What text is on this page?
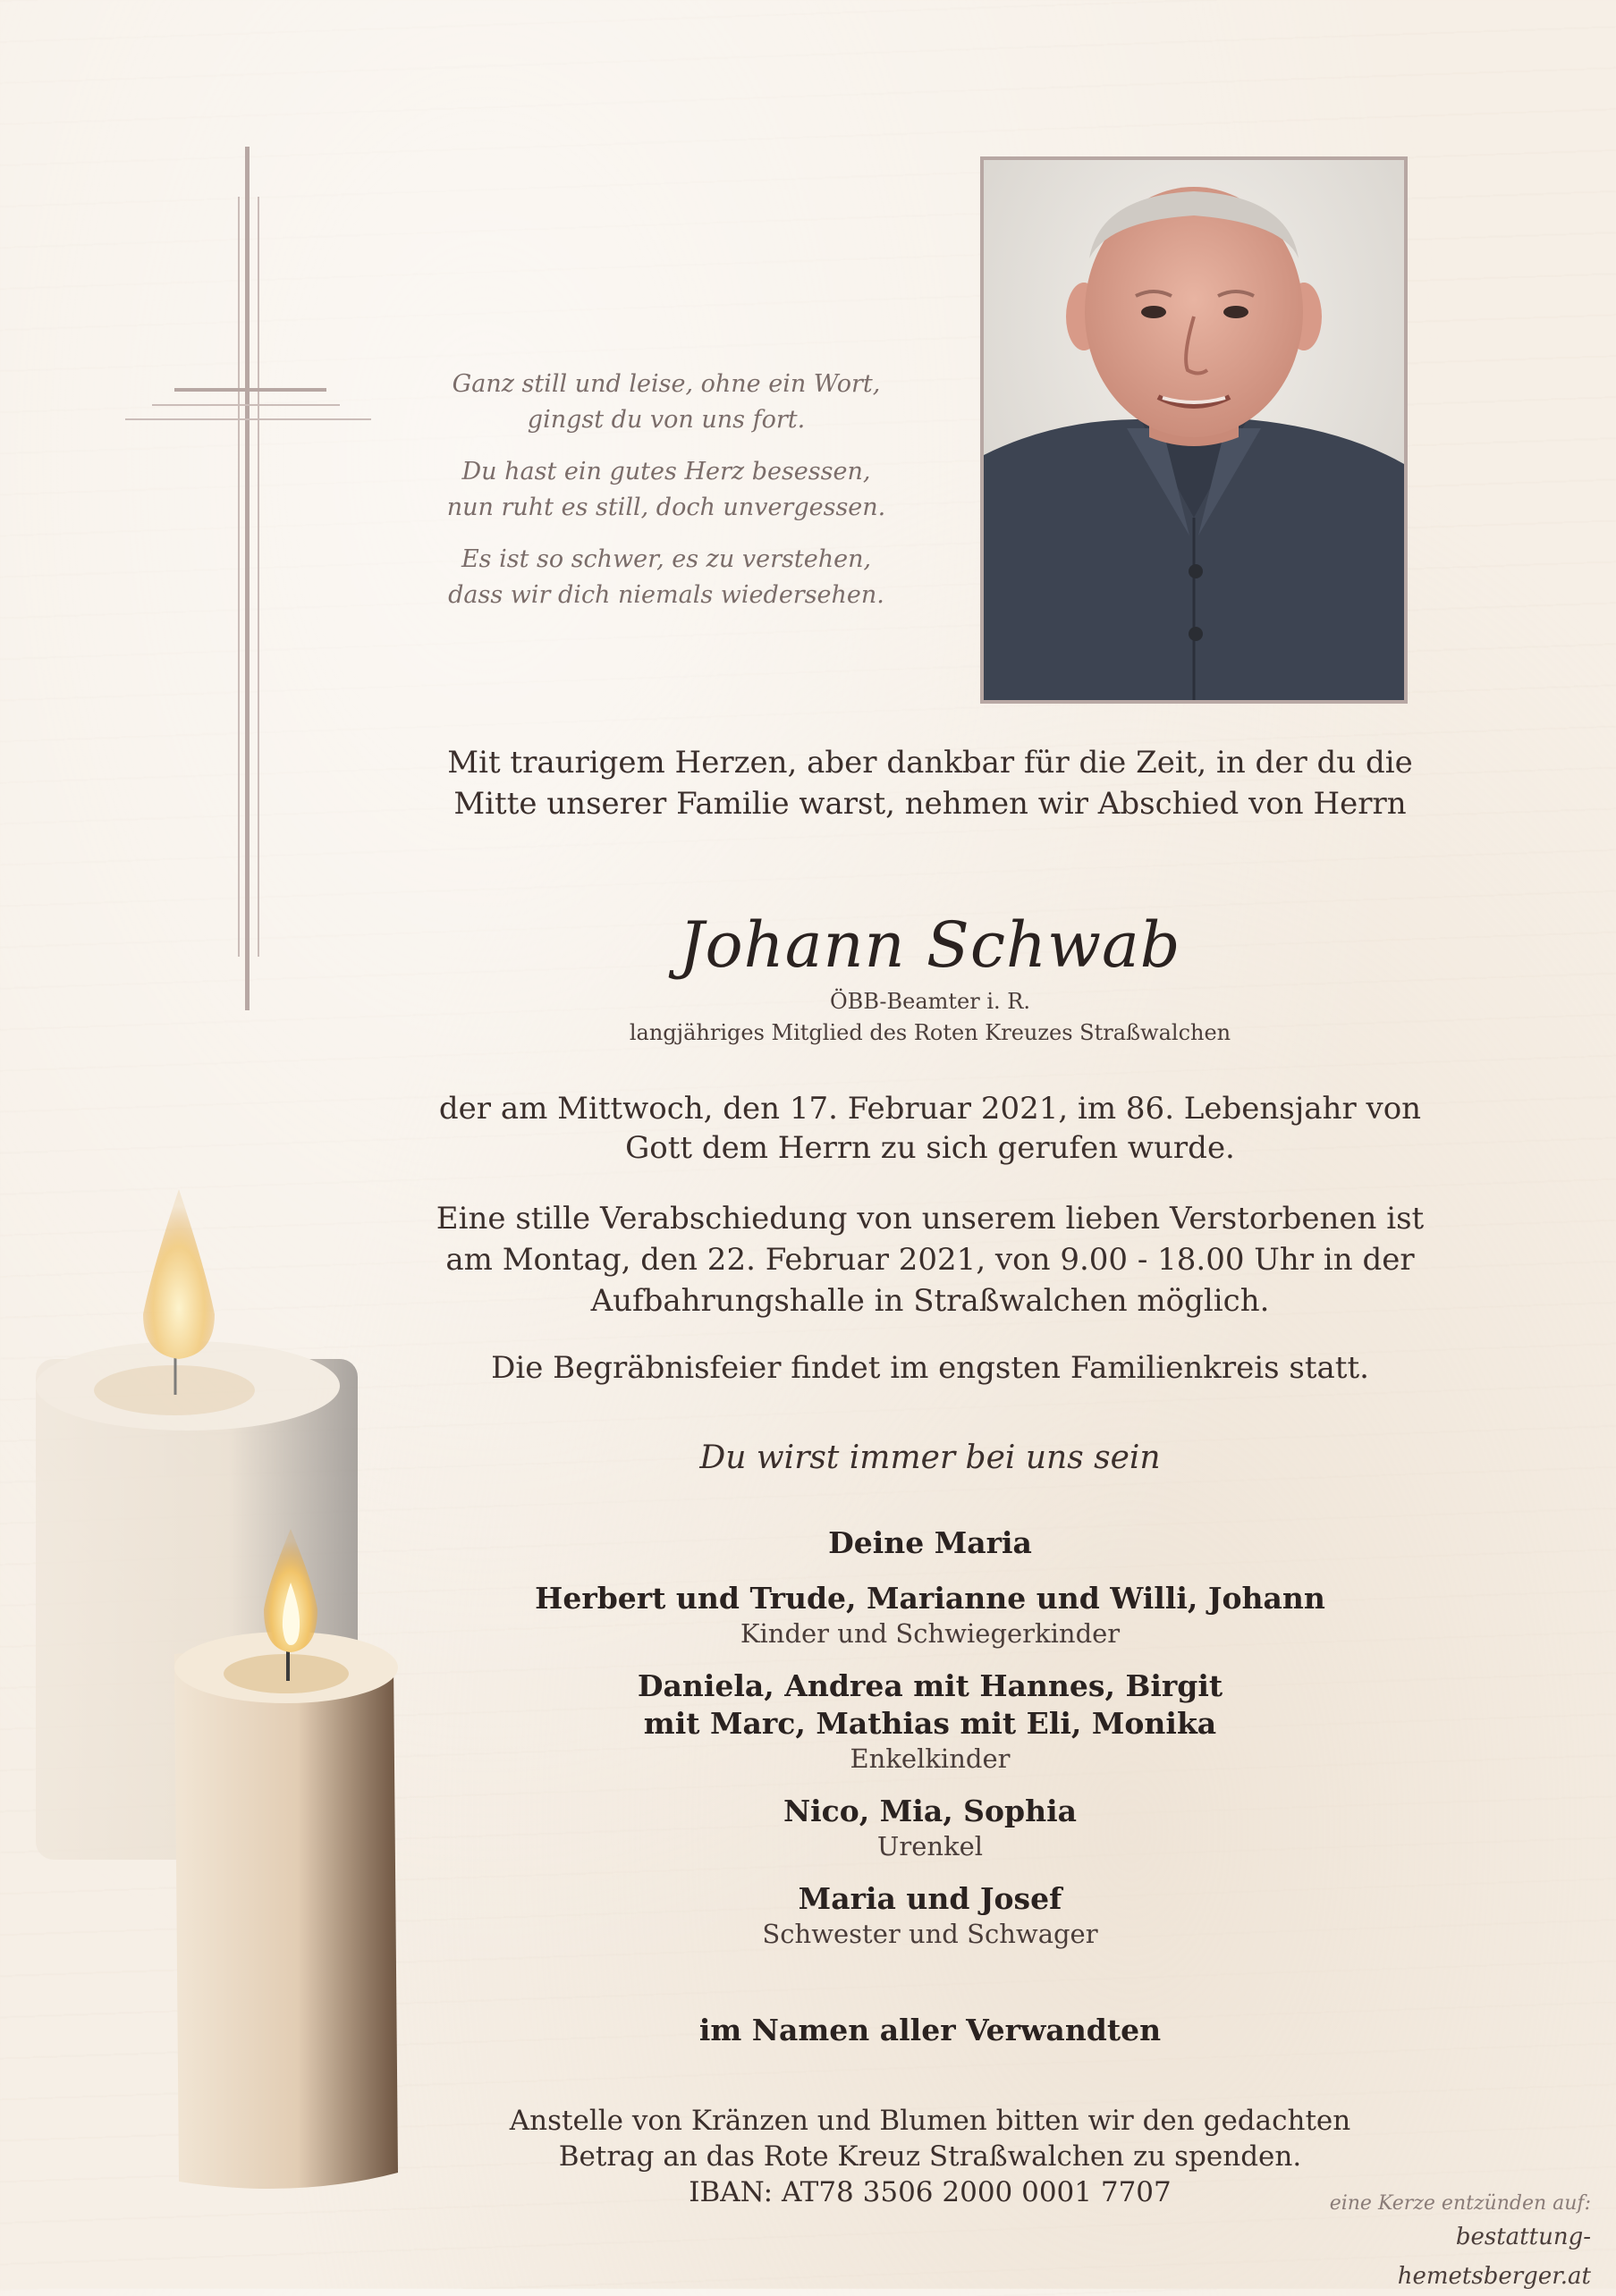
Ganz still und leise, ohne ein Wort,
gingst du von uns fort.
Du hast ein gutes Herz besessen,
nun ruht es still, doch unvergessen.
Es ist so schwer, es zu verstehen,
dass wir dich niemals wiedersehen.
Mit traurigem Herzen, aber dankbar für die Zeit, in der du die Mitte unserer Familie warst, nehmen wir Abschied von Herrn
Johann Schwab
ÖBB-Beamter i. R.
langjähriges Mitglied des Roten Kreuzes Straßwalchen
der am Mittwoch, den 17. Februar 2021, im 86. Lebensjahr von Gott dem Herrn zu sich gerufen wurde.
Eine stille Verabschiedung von unserem lieben Verstorbenen ist am Montag, den 22. Februar 2021, von 9.00 - 18.00 Uhr in der Aufbahrungshalle in Straßwalchen möglich.
Die Begräbnisfeier findet im engsten Familienkreis statt.
Du wirst immer bei uns sein
Deine Maria
Herbert und Trude, Marianne und Willi, Johann
Kinder und Schwiegerkinder
Daniela, Andrea mit Hannes, Birgit mit Marc, Mathias mit Eli, Monika
Enkelkinder
Nico, Mia, Sophia
Urenkel
Maria und Josef
Schwester und Schwager
im Namen aller Verwandten
Anstelle von Kränzen und Blumen bitten wir den gedachten
Betrag an das Rote Kreuz Straßwalchen zu spenden.
IBAN: AT78 3506 2000 0001 7707	eine Kerze entzünden auf:
bestattung-hemetsberger.at
